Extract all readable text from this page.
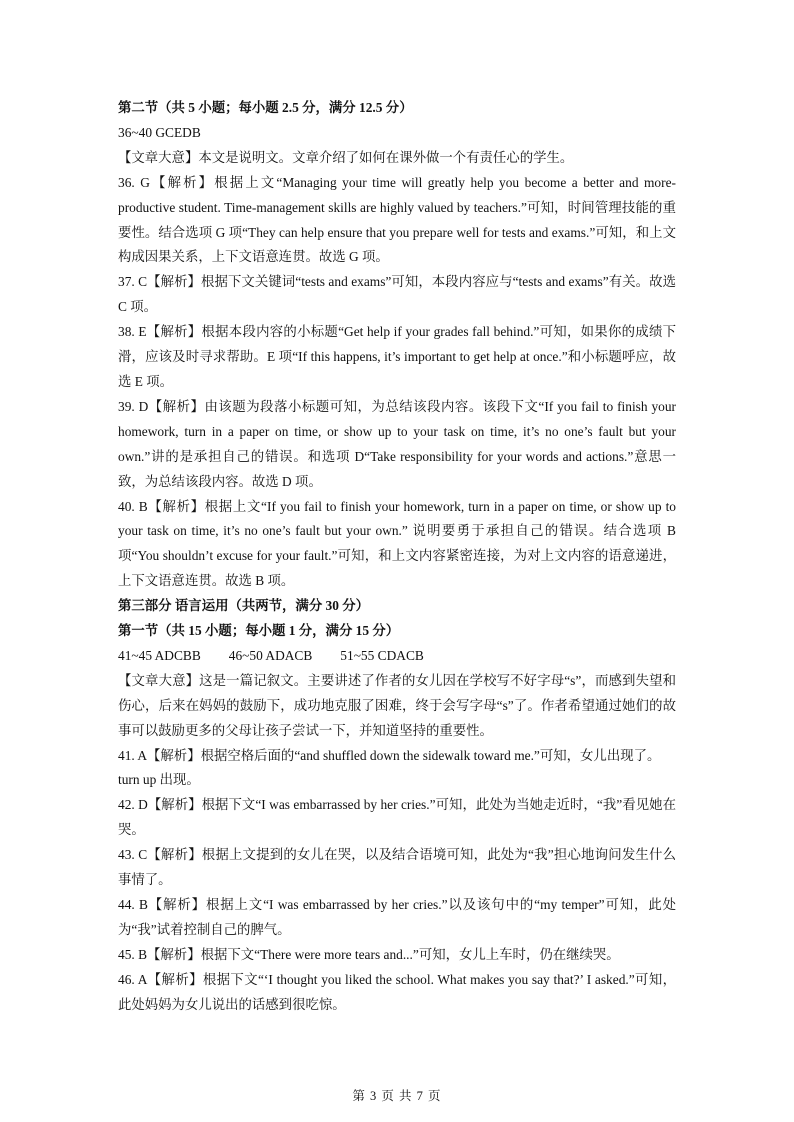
第二节（共 5 小题；每小题 2.5 分，满分 12.5 分）

36~40 GCEDB

【文章大意】本文是说明文。文章介绍了如何在课外做一个有责任心的学生。

36. G【解析】根据上文“Managing your time will greatly help you become a better and more-productive student. Time-management skills are highly valued by teachers.”可知，时间管理技能的重要性。结合选项 G 项“They can help ensure that you prepare well for tests and exams.”可知，和上文构成因果关系，上下文语意连贯。故选 G 项。

37. C【解析】根据下文关键词“tests and exams”可知，本段内容应与“tests and exams”有关。故选 C 项。

38. E【解析】根据本段内容的小标题“Get help if your grades fall behind.”可知，如果你的成绩下滑，应该及时寻求帮助。E 项“If this happens, it’s important to get help at once.”和小标题呼应，故选 E 项。

39. D【解析】由该题为段落小标题可知，为总结该段内容。该段下文“If you fail to finish your homework, turn in a paper on time, or show up to your task on time, it’s no one’s fault but your own.”讲的是承担自己的错误。和选项 D“Take responsibility for your words and actions.”意思一致，为总结该段内容。故选 D 项。

40. B【解析】根据上文“If you fail to finish your homework, turn in a paper on time, or show up to your task on time, it’s no one’s fault but your own.” 说明要勇于承担自己的错误。结合选项 B 项“You shouldn’t excuse for your fault.”可知，和上文内容紧密连接，为对上文内容的语意递进，上下文语意连贯。故选 B 项。

第三部分 语言运用（共两节，满分 30 分）

第一节（共 15 小题；每小题 1 分，满分 15 分）

41~45 ADCBB 46~50 ADACB 51~55 CDACB

【文章大意】这是一篇记叙文。主要讲述了作者的女儿因在学校写不好字母“s”，而感到失望和伤心，后来在妈妈的鼓励下，成功地克服了困难，终于会写字母“s”了。作者希望通过她们的故事可以鼓励更多的父母让孩子尝试一下，并知道坚持的重要性。

41. A【解析】根据空格后面的“and shuffled down the sidewalk toward me.”可知，女儿出现了。

turn up 出现。

42. D【解析】根据下文“I was embarrassed by her cries.”可知，此处为当她走近时，“我”看见她在哭。

43. C【解析】根据上文提到的女儿在哭，以及结合语境可知，此处为“我”担心地询问发生什么事情了。

44. B【解析】根据上文“I was embarrassed by her cries.”以及该句中的“my temper”可知，此处为“我”试着控制自己的脾气。

45. B【解析】根据下文“There were more tears and...”可知，女儿上车时，仍在继续哭。

46. A【解析】根据下文“‘I thought you liked the school. What makes you say that?’ I asked.”可知，此处妈妈为女儿说出的话感到很吃惊。

第 3 页 共 7 页
